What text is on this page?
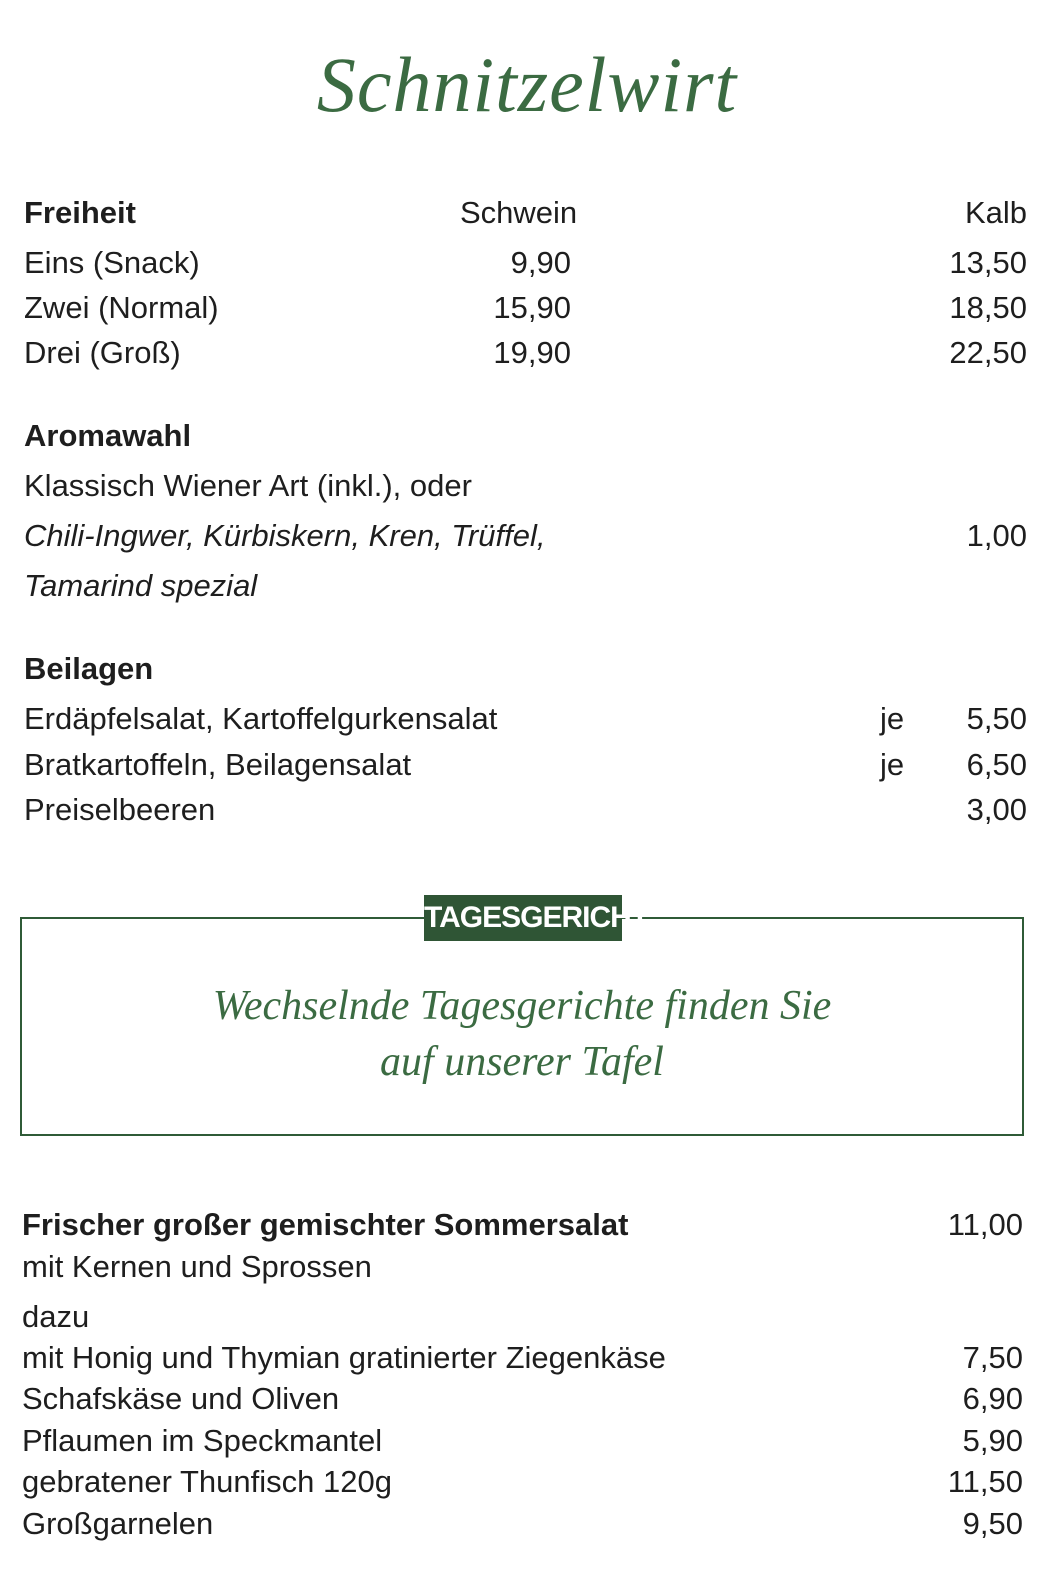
Schnitzelwirt
Freiheit	Schwein	Kalb
Eins (Snack)	9,90	13,50
Zwei (Normal)	15,90	18,50
Drei (Groß)	19,90	22,50
Aromawahl
Klassisch Wiener Art (inkl.), oder
Chili-Ingwer, Kürbiskern, Kren, Trüffel,	1,00
Tamarind spezial
Beilagen
Erdäpfelsalat, Kartoffelgurkensalat	je 5,50
Bratkartoffeln, Beilagensalat	je 6,50
Preiselbeeren	3,00
TAGESGERICHT
Wechselnde Tagesgerichte finden Sie
auf unserer Tafel
Frischer großer gemischter Sommersalat	11,00
mit Kernen und Sprossen
dazu
mit Honig und Thymian gratinierter Ziegenkäse	7,50
Schafskäse und Oliven	6,90
Pflaumen im Speckmantel	5,90
gebratener Thunfisch 120g	11,50
Großgarnelen	9,50
